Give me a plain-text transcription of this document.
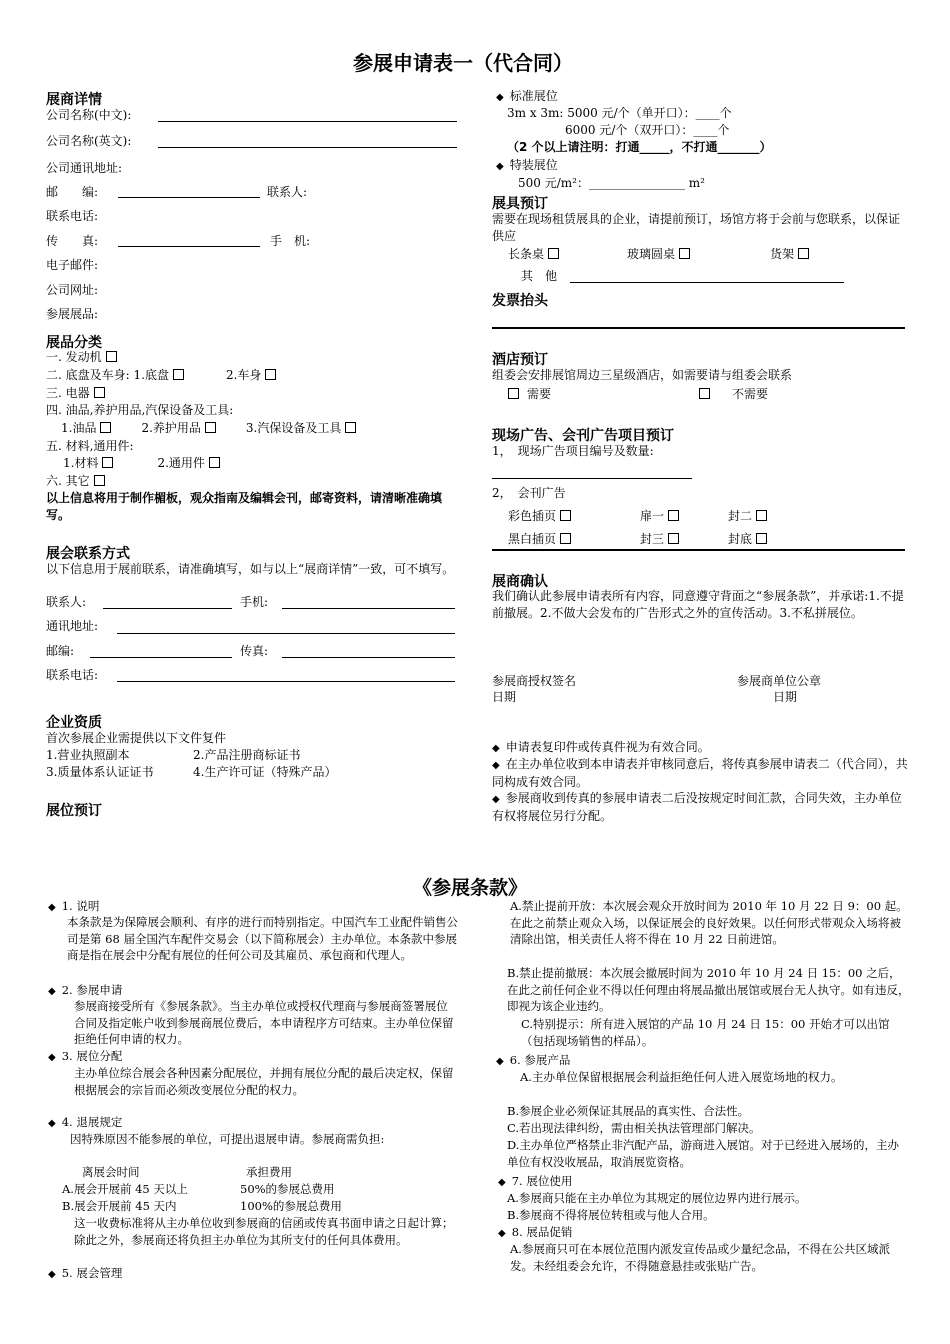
参展申请表一（代合同）
展商详情
公司名称(中文):
公司名称(英文):
公司通讯地址:
邮　　编:	联系人:
联系电话:
传　　真:	手　机:
电子邮件:
公司网址:
参展展品:
展品分类
一. 发动机
二. 底盘及车身: 1.底盘	2.车身
三. 电器
四. 油品,养护用品,汽保设备及工具:
1.油品	2.养护用品	3.汽保设备及工具
五. 材料,通用件:
1.材料	2.通用件
六. 其它
以上信息将用于制作楣板，观众指南及编辑会刊，邮寄资料，请清晰准确填写。
展会联系方式
以下信息用于展前联系，请准确填写，如与以上“展商详情”一致，可不填写。
联系人:	手机:
通讯地址:
邮编:	传真:
联系电话:
企业资质
首次参展企业需提供以下文件复件
1.营业执照副本	2.产品注册商标证书
3.质量体系认证证书	4.生产许可证（特殊产品）
展位预订
◆ 标准展位
3m x 3m: 5000 元/个（单开口）：____个
6000 元/个（双开口）：____个
（2 个以上请注明：打通_____，不打通_______）
◆ 特装展位
500 元/m²：________________ m²
展具预订
需要在现场租赁展具的企业，请提前预订，场馆方将于会前与您联系，以保证供应
长条桌	玻璃圆桌	货架
其　他
发票抬头
酒店预订
组委会安排展馆周边三星级酒店，如需要请与组委会联系
需要	不需要
现场广告、会刊广告项目预订
1，　现场广告项目编号及数量:
2，　会刊广告
彩色插页	扉一	封二
黑白插页	封三	封底
展商确认
我们确认此参展申请表所有内容，同意遵守背面之“参展条款”，并承诺:1.不提前撤展。2.不做大会发布的广告形式之外的宣传活动。3.不私拼展位。
参展商授权签名	参展商单位公章
日期	日期
◆ 申请表复印件或传真件视为有效合同。
◆ 在主办单位收到本申请表并审核同意后，将传真参展申请表二（代合同），共同构成有效合同。
◆ 参展商收到传真的参展申请表二后没按规定时间汇款，合同失效，主办单位有权将展位另行分配。
《参展条款》
◆ 1. 说明
本条款是为保障展会顺利、有序的进行而特别指定。中国汽车工业配件销售公司是第 68 届全国汽车配件交易会（以下简称展会）主办单位。本条款中参展商是指在展会中分配有展位的任何公司及其雇员、承包商和代理人。
◆ 2. 参展申请
参展商接受所有《参展条款》。当主办单位或授权代理商与参展商签署展位合同及指定帐户收到参展商展位费后，本申请程序方可结束。主办单位保留拒绝任何申请的权力。
◆ 3. 展位分配
主办单位综合展会各种因素分配展位，并拥有展位分配的最后决定权，保留根据展会的宗旨而必须改变展位分配的权力。
◆ 4. 退展规定
因特殊原因不能参展的单位，可提出退展申请。参展商需负担:
离展会时间	承担费用
A.展会开展前 45 天以上	50%的参展总费用
B.展会开展前 45 天内	100%的参展总费用
这一收费标准将从主办单位收到参展商的信函或传真书面申请之日起计算；除此之外，参展商还将负担主办单位为其所支付的任何具体费用。
◆ 5. 展会管理
A.禁止提前开放：本次展会观众开放时间为 2010 年 10 月 22 日 9：00 起。在此之前禁止观众入场，以保证展会的良好效果。以任何形式带观众入场将被清除出馆，相关责任人将不得在 10 月 22 日前进馆。
B.禁止提前撤展：本次展会撤展时间为 2010 年 10 月 24 日 15：00 之后，在此之前任何企业不得以任何理由将展品撤出展馆或展台无人执守。如有违反，即视为该企业违约。
C.特别提示：所有进入展馆的产品 10 月 24 日 15：00 开始才可以出馆（包括现场销售的样品）。
◆ 6. 参展产品
A.主办单位保留根据展会利益拒绝任何人进入展览场地的权力。
B.参展企业必须保证其展品的真实性、合法性。
C.若出现法律纠纷，需由相关执法管理部门解决。
D.主办单位严格禁止非汽配产品，游商进入展馆。对于已经进入展场的，主办单位有权没收展品，取消展览资格。
◆ 7. 展位使用
A.参展商只能在主办单位为其规定的展位边界内进行展示。
B.参展商不得将展位转租或与他人合用。
◆ 8. 展品促销
A.参展商只可在本展位范围内派发宣传品或少量纪念品，不得在公共区域派发。未经组委会允许，不得随意悬挂或张贴广告。
